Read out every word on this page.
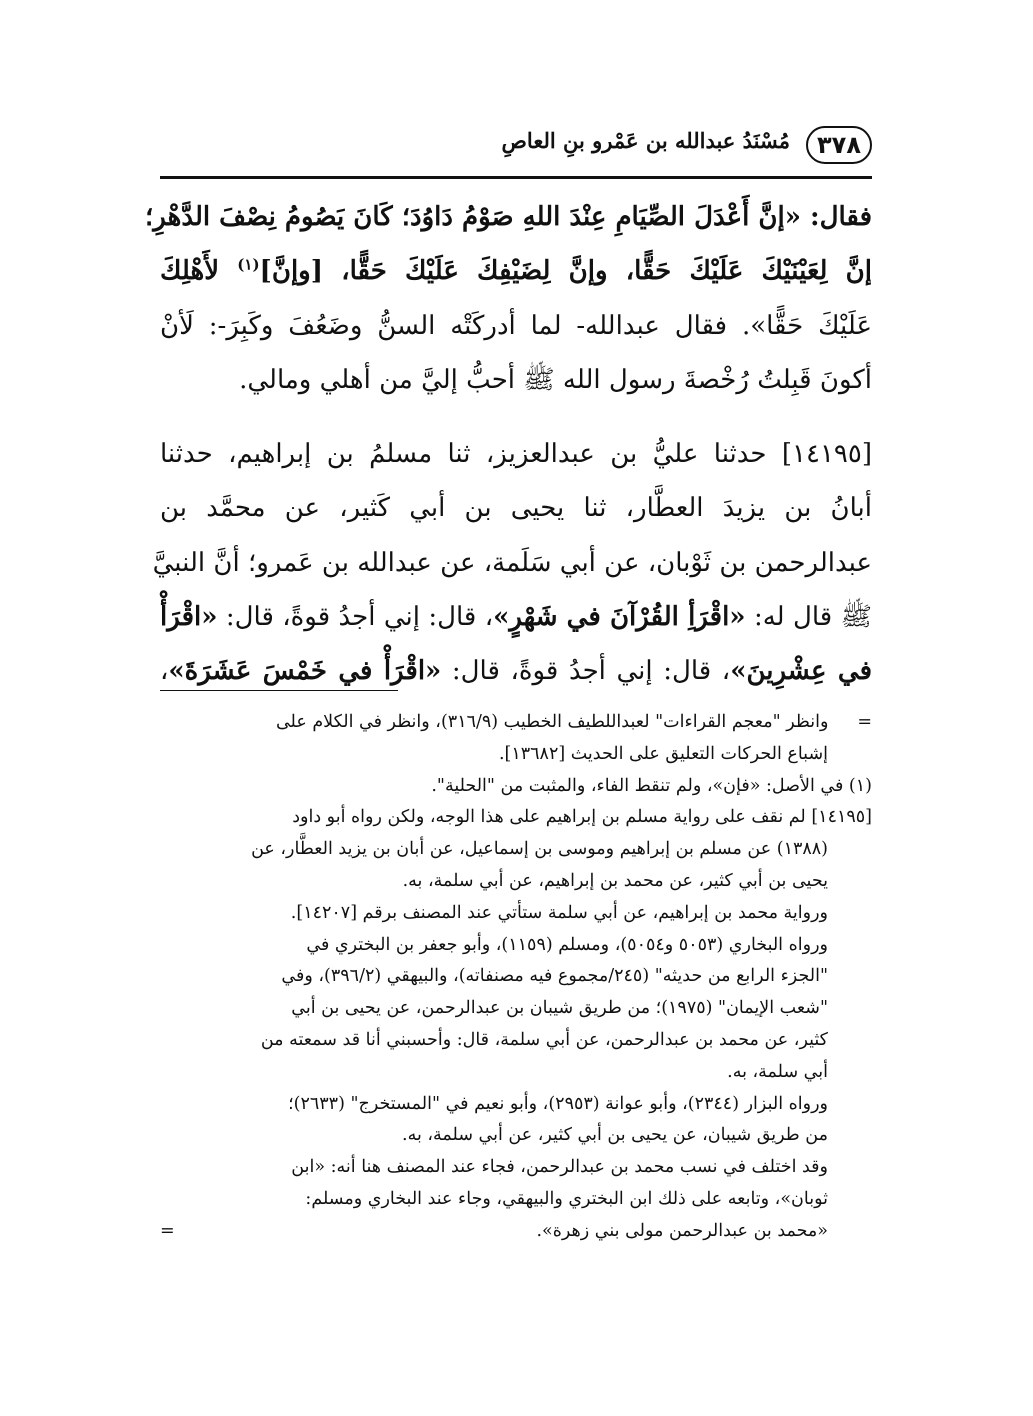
٣٧٨
مُسْنَدُ عبدالله بن عَمْرو بنِ العاصِ
فقال: «إنَّ أَعْدَلَ الصِّيَامِ عِنْدَ اللهِ صَوْمُ دَاوُدَ؛ كَانَ يَصُومُ نِصْفَ الدَّهْرِ؛
إنَّ لِعَيْنَيْكَ عَلَيْكَ حَقًّا، وإنَّ لِضَيْفِكَ عَلَيْكَ حَقًّا، [وإنَّ]$^{(١)}$ لأَهْلِكَ
عَلَيْكَ حَقًّا». فقال عبدالله- لما أدركَتْه السنُّ وضَعُفَ وكَبِرَ-: لَأنْ
أكونَ قَبِلتُ رُخْصةَ رسول الله ﷺ أحبُّ إليَّ من أهلي ومالي.
[١٤١٩٥] حدثنا عليُّ بن عبدالعزيز، ثنا مسلمُ بن إبراهيم، حدثنا
أبانُ بن يزيدَ العطَّار، ثنا يحيى بن أبي كَثير، عن محمَّد بن
عبدالرحمن بن ثَوْبان، عن أبي سَلَمة، عن عبدالله بن عَمرو؛ أنَّ النبيَّ
ﷺ قال له: «اقْرَأِ القُرْآنَ في شَهْرٍ»، قال: إني أجدُ قوةً، قال: «اقْرَأْ
في عِشْرِينَ»، قال: إني أجدُ قوةً، قال: «اقْرَأْ في خَمْسَ عَشَرَةَ»،
= وانظر "معجم القراءات" لعبداللطيف الخطيب (٣١٦/٩)، وانظر في الكلام على
إشباع الحركات التعليق على الحديث [١٣٦٨٢].
(١) في الأصل: «فإن»، ولم تنقط الفاء، والمثبت من "الحلية".
[١٤١٩٥] لم نقف على رواية مسلم بن إبراهيم على هذا الوجه، ولكن رواه أبو داود
(١٣٨٨) عن مسلم بن إبراهيم وموسى بن إسماعيل، عن أبان بن يزيد العطَّار، عن
يحيى بن أبي كثير، عن محمد بن إبراهيم، عن أبي سلمة، به.
ورواية محمد بن إبراهيم، عن أبي سلمة ستأتي عند المصنف برقم [١٤٢٠٧].
ورواه البخاري (٥٠٥٣ و٥٠٥٤)، ومسلم (١١٥٩)، وأبو جعفر بن البختري في
"الجزء الرابع من حديثه" (٢٤٥/مجموع فيه مصنفاته)، والبيهقي (٣٩٦/٢)، وفي
"شعب الإيمان" (١٩٧٥)؛ من طريق شيبان بن عبدالرحمن، عن يحيى بن أبي
كثير، عن محمد بن عبدالرحمن، عن أبي سلمة، قال: وأحسبني أنا قد سمعته من
أبي سلمة، به.
ورواه البزار (٢٣٤٤)، وأبو عوانة (٢٩٥٣)، وأبو نعيم في "المستخرج" (٢٦٣٣)؛
من طريق شيبان، عن يحيى بن أبي كثير، عن أبي سلمة، به.
وقد اختلف في نسب محمد بن عبدالرحمن، فجاء عند المصنف هنا أنه: «ابن
ثوبان»، وتابعه على ذلك ابن البختري والبيهقي، وجاء عند البخاري ومسلم:
«محمد بن عبدالرحمن مولى بني زهرة».
=
